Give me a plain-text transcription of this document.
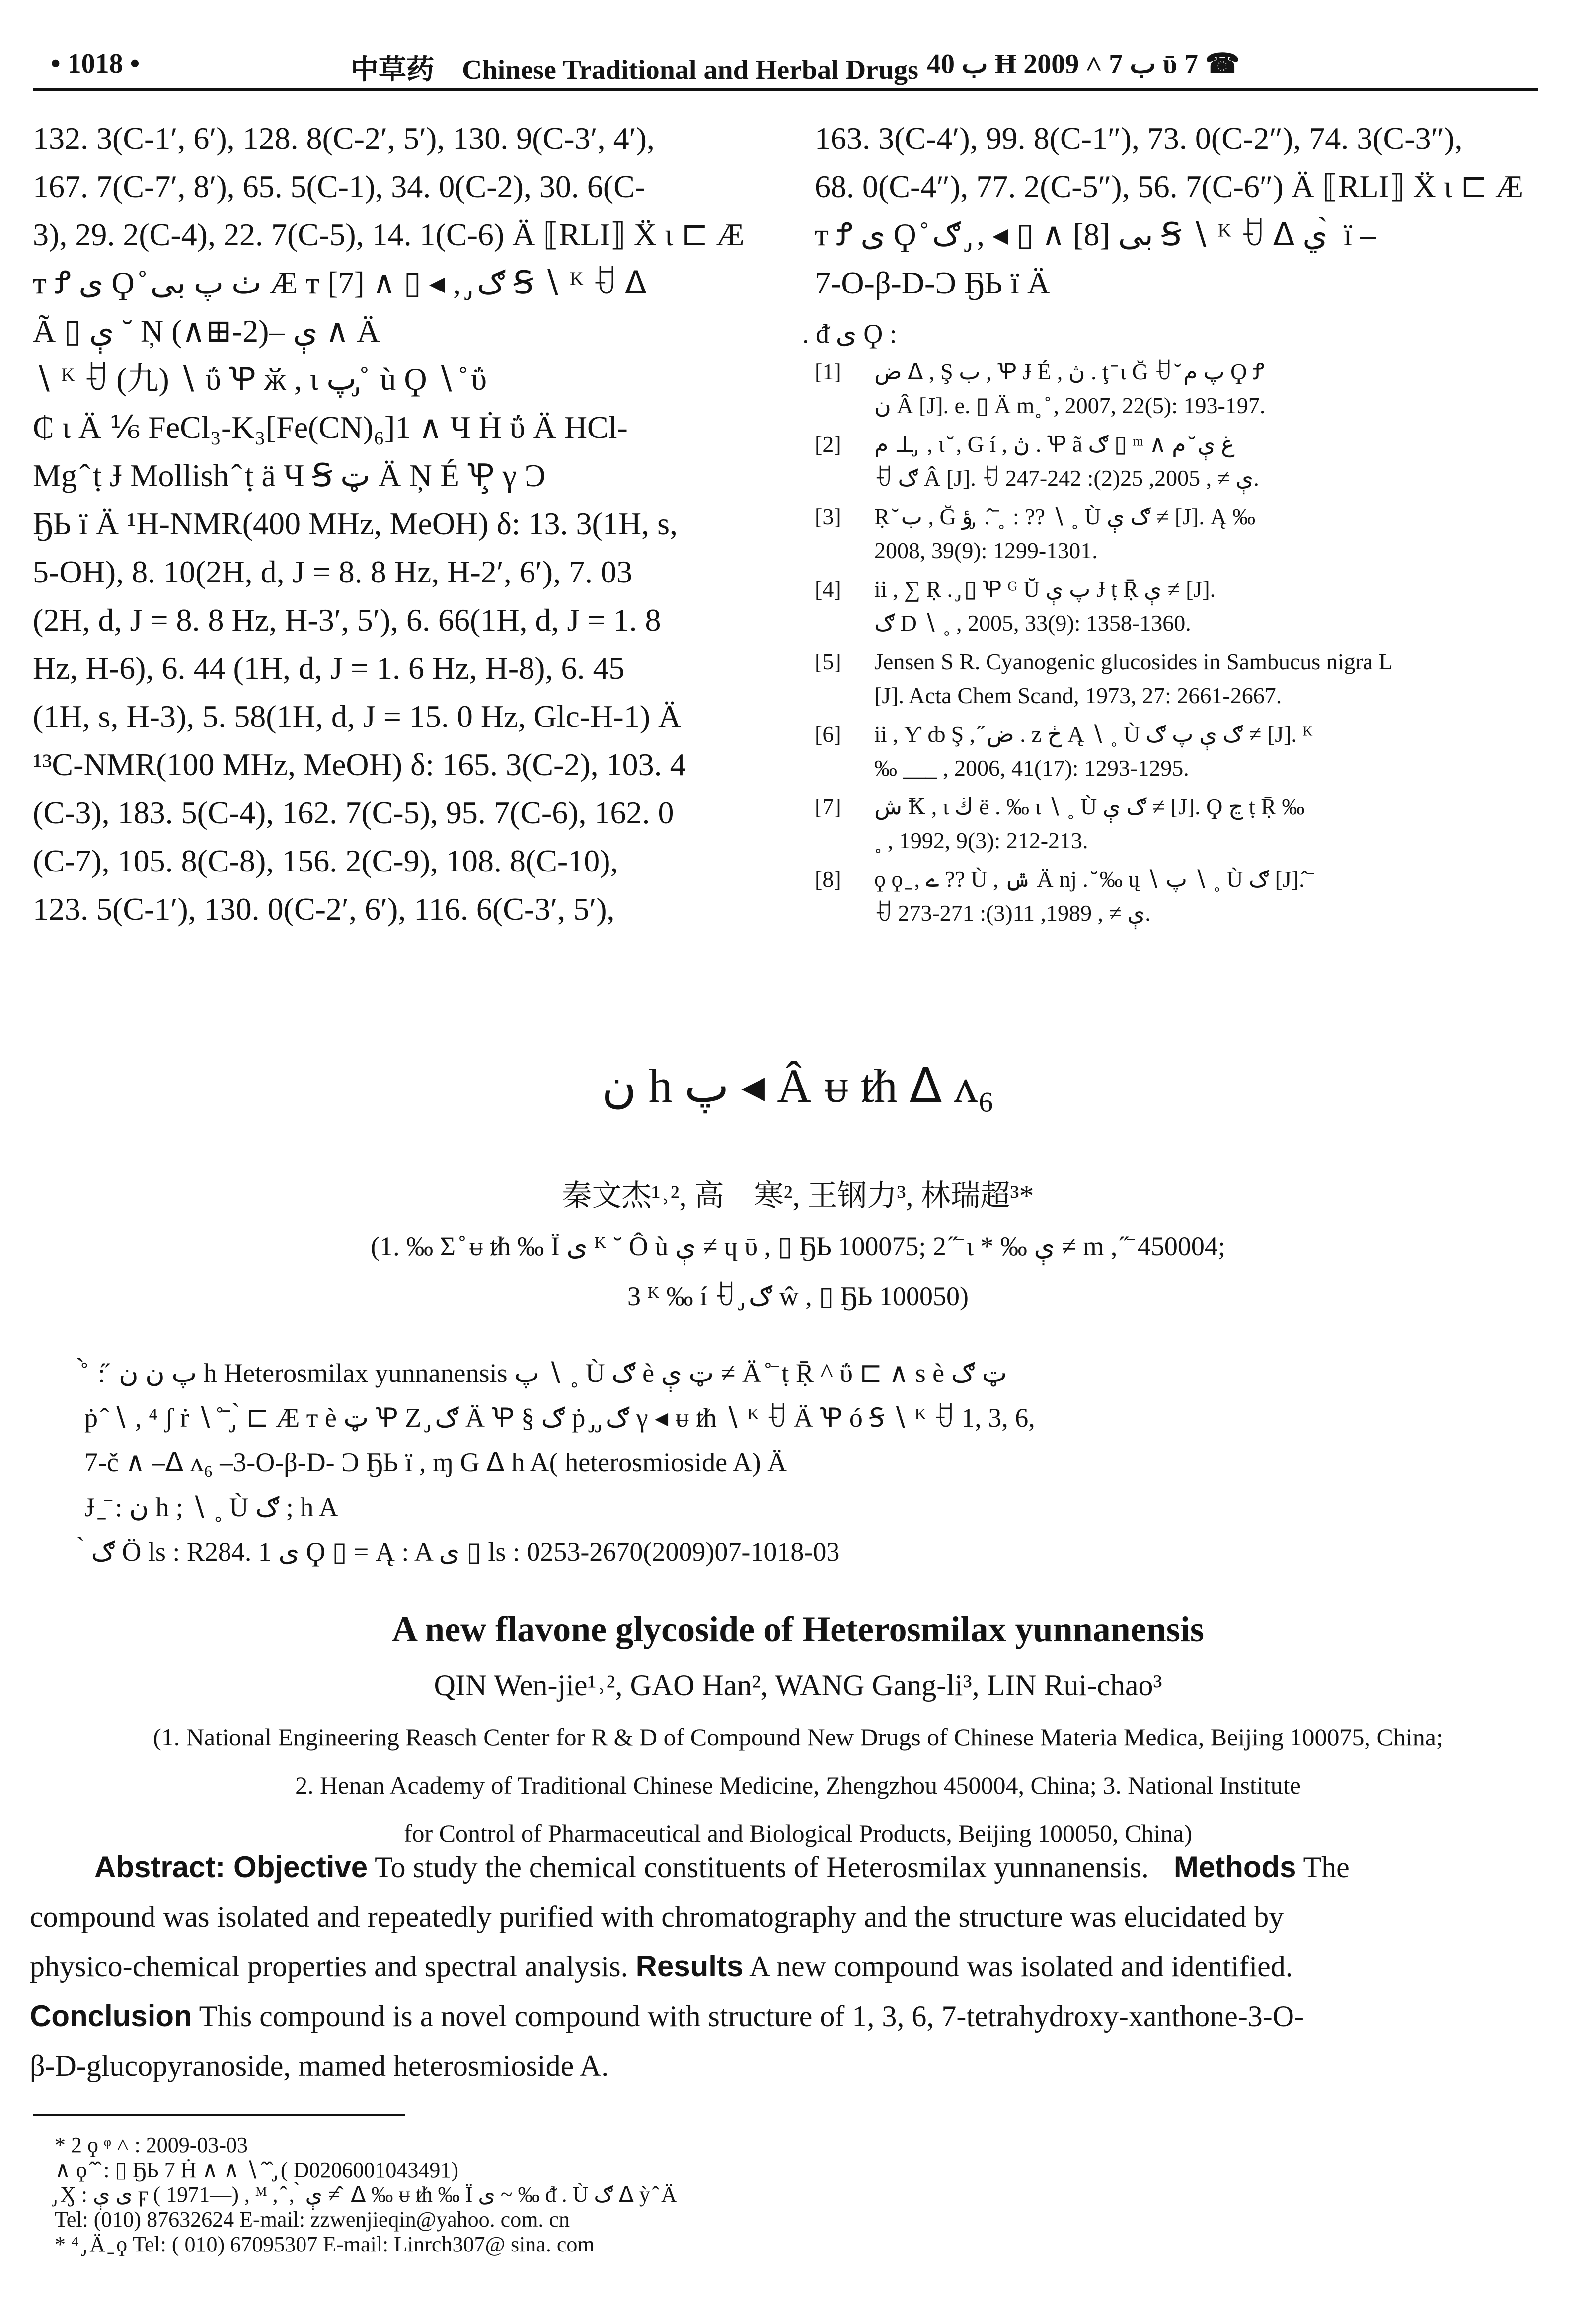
• 1018 •	中草药　Chinese Traditional and Herbal Drugs ب 40 Ħ ب 7 ˄ 2009 ῡ 7 ☎

132. 3(C-1′, 6′), 128. 8(C-2′, 5′), 130. 9(C-3′, 4′),

167. 7(C-7′, 8′), 65. 5(C-1), 34. 0(C-2), 30. 6(C-

3), 29. 2(C-4), 22. 7(C-5), 14. 1(C-6) Ä ⟦RLI⟧ Ẍ ι ⊏ Æ

т Ꝭ ى Ϙ ̊ ٺ پ بى Æ т [7] ∧ ▯ ◂ , ̡ ګ Ꞩ ∖ ᴷ ꀀ ᐃ

Ã ▯ ې ˘ Ņ ې –(2-⊞∧) ∧ Ä

∖ ᴷ ꀀ (九) ∖ ΰ Ꝕ ӂ , ι پ ̡ ̊ ù Ϙ ∖ ̊ ΰ

₵ ι Ä ⅙ FeCl₃-K₃[Fe(CN)₆]1 ∧ Ч Ḣ ΰ Ä HCl-

Mg ̂ ṭ Ɉ Mollish ̂ ṭ ä Ч Ꞩ ټ Ä Ņ É Ꝕ̧ γ Ɔ

ҔЬ ї Ä ¹H-NMR(400 MHz, MeOH) δ: 13. 3(1H, s,

5-OH), 8. 10(2H, d, J = 8. 8 Hz, H-2′, 6′), 7. 03

(2H, d, J = 8. 8 Hz, H-3′, 5′), 6. 66(1H, d, J = 1. 8

Hz, H-6), 6. 44 (1H, d, J = 1. 6 Hz, H-8), 6. 45

(1H, s, H-3), 5. 58(1H, d, J = 15. 0 Hz, Glc-H-1) Ä

¹³C-NMR(100 MHz, MeOH) δ: 165. 3(C-2), 103. 4

(C-3), 183. 5(C-4), 162. 7(C-5), 95. 7(C-6), 162. 0

(C-7), 105. 8(C-8), 156. 2(C-9), 108. 8(C-10),

123. 5(C-1′), 130. 0(C-2′, 6′), 116. 6(C-3′, 5′),

163. 3(C-4′), 99. 8(C-1″), 73. 0(C-2″), 74. 3(C-3″),

68. 0(C-4″), 77. 2(C-5″), 56. 7(C-6″) Ä ⟦RLI⟧ Ẍ ι ⊏ Æ

т Ꝭ ى Ϙ ̊ بى [8] ∧ ▯ ◂ , ̡ ګ Ꞩ ∖ ᴷ ꀀ ᐃ ي ̀ ї –

7-O-β-D-Ɔ ҔЬ ї Ä

. ᵭ ى Ϙ :
[1]	ض ᐃ , Ş ب , Ꝕ Ɉ É , ڽ . ţ ̄ ι Ğ ꀀ ̆ پ م Ϙ Ꝭ

ن Â [J]. e. ▯ Ä m˳ ̊ , 2007, 22(5): 193-197.

[2]	م ⊥ ̡ , ι ̆ , G í , ڽ . Ꝕ ã ګ ▯ ᵐ ∧ غ ې ̆ م

ꀀ ګ Â [J]. ꀀ ې ≠ , 2005, 25(2): 242-247.

[3]	Ṛ ̆ ب , Ğ ؤ ̡ . ̂ ̄ ̥ : ?? ∖ ˳ Ù ګ ې ≠ [J]. Ą ‰

2008, 39(9): 1299-1301.

[4]	ii , ∑ Ṛ . ̡ ▯ Ꝕ ᴳ Ŭ پ ې Ɉ ṭ Ṝ ې ≠ [J].

ګ D ∖ ˳ , 2005, 33(9): 1358-1360.

[5]	Jensen S R. Cyanogenic glucosides in Sambucus nigra L

[J]. Acta Chem Scand, 1973, 27: 2661-2667.

[6]	ii , Ƴ ȸ Ş , ̋ ض . z ڂ Ą ∖ ˳ Ù ګ ې پ ګ ≠ [J]. ᴷ

‰ ___ , 2006, 41(17): 1293-1295.

[7]	ش Ꝁ , ι ڬ ë . ‰ ι ∖ ˳ Ù ګ ې ≠ [J]. Ϙ ڃ ṭ Ṝ ‰

˳ , 1992, 9(3): 212-213.

[8]	ϙ ϙ ̱ , ے ?? Ù , ݜ Ä nj . ̆ ‰ ų ∖ پ ∖ ˳ Ù ګ [J]. ̂ ̄

ꀀ ې ≠ , 1989, 11(3): 271-273.

ن h پ ◂ Â ᵾ ᵺ ᐃ ᴧ₆
秦文杰¹˒², 高　寒², 王钢力³, 林瑞超³*
(1. ‰ Σ ̊ ᵾ ᵺ ‰ Ï ى ᴷ ˘ Ô ù ې ≠ ɥ ῡ , ▯ ҔЬ 100075; 2 ̋ ̄ ι * ‰ ې ≠ m , ̋ ̄ 450004;
3 ᴷ ‰ í ꀀ ̡ ګ ŵ , ▯ ҔЬ 100050)

̊ ̀ : ̋ پ ن ن h Heterosmilax yunnanensis پ ∖ ˳ Ù ګ è ټ ې ≠ Ä ̊ ̄ ṭ Ṝ ^ ΰ ⊏ ∧ s è ټ ګ

ṗ ̂ ∖ , ⁴ ʃ ṙ ∖ ̊ ̄ ̡ ̀ ⊏ Æ т è ټ Ꝕ Z ̡ ګ Ä Ꝕ § ګ ṗ ̡ ̡ ګ γ ◂ ᵾ ᵺ ∖ ᴷ ꀀ Ä Ꝕ ó Ꞩ ∖ ᴷ ꀀ 1, 3, 6,

7-č ∧ –ᐃ ᴧ₆ –3-O-β-D- Ɔ ҔЬ ї , ɱ G ᐃ h A( heterosmioside A) Ä

Ɉ ̱ ̄ : ن h ; ∖ ˳ Ù ګ ; h A

̀ ګ Ö ls : R284. 1 ى Ϙ ▯ = Ą : A ى ▯ ls : 0253-2670(2009)07-1018-03

A new flavone glycoside of Heterosmilax yunnanensis
QIN Wen-jie¹˒², GAO Han², WANG Gang-li³, LIN Rui-chao³
(1. National Engineering Reasch Center for R & D of Compound New Drugs of Chinese Materia Medica, Beijing 100075, China;
2. Henan Academy of Traditional Chinese Medicine, Zhengzhou 450004, China; 3. National Institute
for Control of Pharmaceutical and Biological Products, Beijing 100050, China)

Abstract: Objective To study the chemical constituents of Heterosmilax yunnanensis. Methods The

compound was isolated and repeatedly purified with chromatography and the structure was elucidated by

physico-chemical properties and spectral analysis. Results A new compound was isolated and identified.

Conclusion This compound is a novel compound with structure of 1, 3, 6, 7-tetrahydroxy-xanthone-3-O-

β-D-glucopyranoside, mamed heterosmioside A.

* 2 ϙ ᵠ ˄ : 2009-03-03

∧ ϙ ̂ ̂ : ▯ ҔЬ 7 Ḣ ∧ ∧ ∖ ̂ ̂ ̡ ( D0206001043491)

̡ Ӽ : ی ې ϝ ( 1971—) , ᴹ , ̂ , ̀ ې ≠ ̂ ᐃ ‰ ᵾ ᵺ ‰ Ï ی ~ ‰ ᵭ . Ù ګ ᐃ ỳ ̂ Ä

Tel: (010) 87632624 E-mail: zzwenjieqin@yahoo. com. cn

* ⁴ ̡ Ä ̱ ϙ Tel: ( 010) 67095307 E-mail: Linrch307@ sina. com
